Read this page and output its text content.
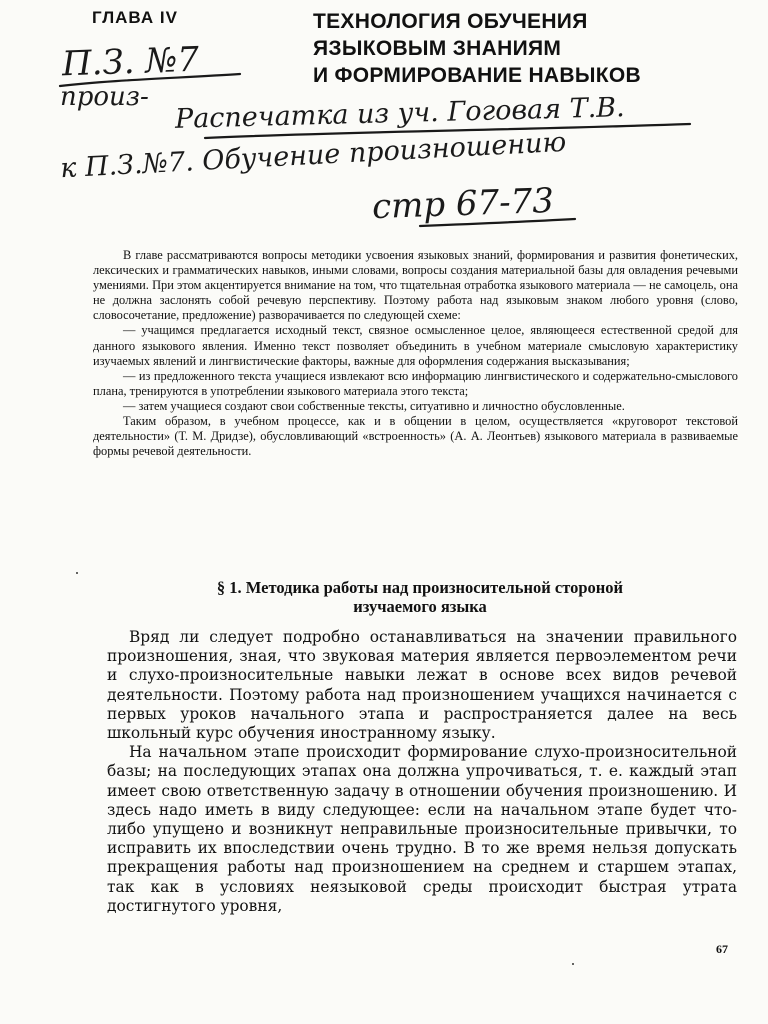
ГЛАВА IV	ТЕХНОЛОГИЯ ОБУЧЕНИЯ
ЯЗЫКОВЫМ ЗНАНИЯМ
И ФОРМИРОВАНИЕ НАВЫКОВ
П.З. №7
произ- Распечатка из уч. Гоговая Т.В.
к П.З.№7. Обучение произношению
стр 67-73

В главе рассматриваются вопросы методики усвоения языковых знаний, формирования и развития фонетических, лексических и грамматических навыков, иными словами, вопросы создания материальной базы для овладения речевыми умениями. При этом акцентируется внимание на том, что тщательная отработка языкового материала — не самоцель, она не должна заслонять собой речевую перспективу. Поэтому работа над языковым знаком любого уровня (слово, словосочетание, предложение) разворачивается по следующей схеме:

— учащимся предлагается исходный текст, связное осмысленное целое, являющееся естественной средой для данного языкового явления. Именно текст позволяет объединить в учебном материале смысловую характеристику изучаемых явлений и лингвистические факторы, важные для оформления содержания высказывания;

— из предложенного текста учащиеся извлекают всю информацию лингвистического и содержательно-смыслового плана, тренируются в употреблении языкового материала этого текста;

— затем учащиеся создают свои собственные тексты, ситуативно и личностно обусловленные.

Таким образом, в учебном процессе, как и в общении в целом, осуществляется «круговорот текстовой деятельности» (Т. М. Дридзе), обусловливающий «встроенность» (А. А. Леонтьев) языкового материала в развиваемые формы речевой деятельности.

§ 1. Методика работы над произносительной стороной
изучаемого языка

Вряд ли следует подробно останавливаться на значении правильного произношения, зная, что звуковая материя является первоэлементом речи и слухо-произносительные навыки лежат в основе всех видов речевой деятельности. Поэтому работа над произношением учащихся начинается с первых уроков начального этапа и распространяется далее на весь школьный курс обучения иностранному языку.

На начальном этапе происходит формирование слухо-произносительной базы; на последующих этапах она должна упрочиваться, т. е. каждый этап имеет свою ответственную задачу в отношении обучения произношению. И здесь надо иметь в виду следующее: если на начальном этапе будет что-либо упущено и возникнут неправильные произносительные привычки, то исправить их впоследствии очень трудно. В то же время нельзя допускать прекращения работы над произношением на среднем и старшем этапах, так как в условиях неязыковой среды происходит быстрая утрата достигнутого уровня,

67
